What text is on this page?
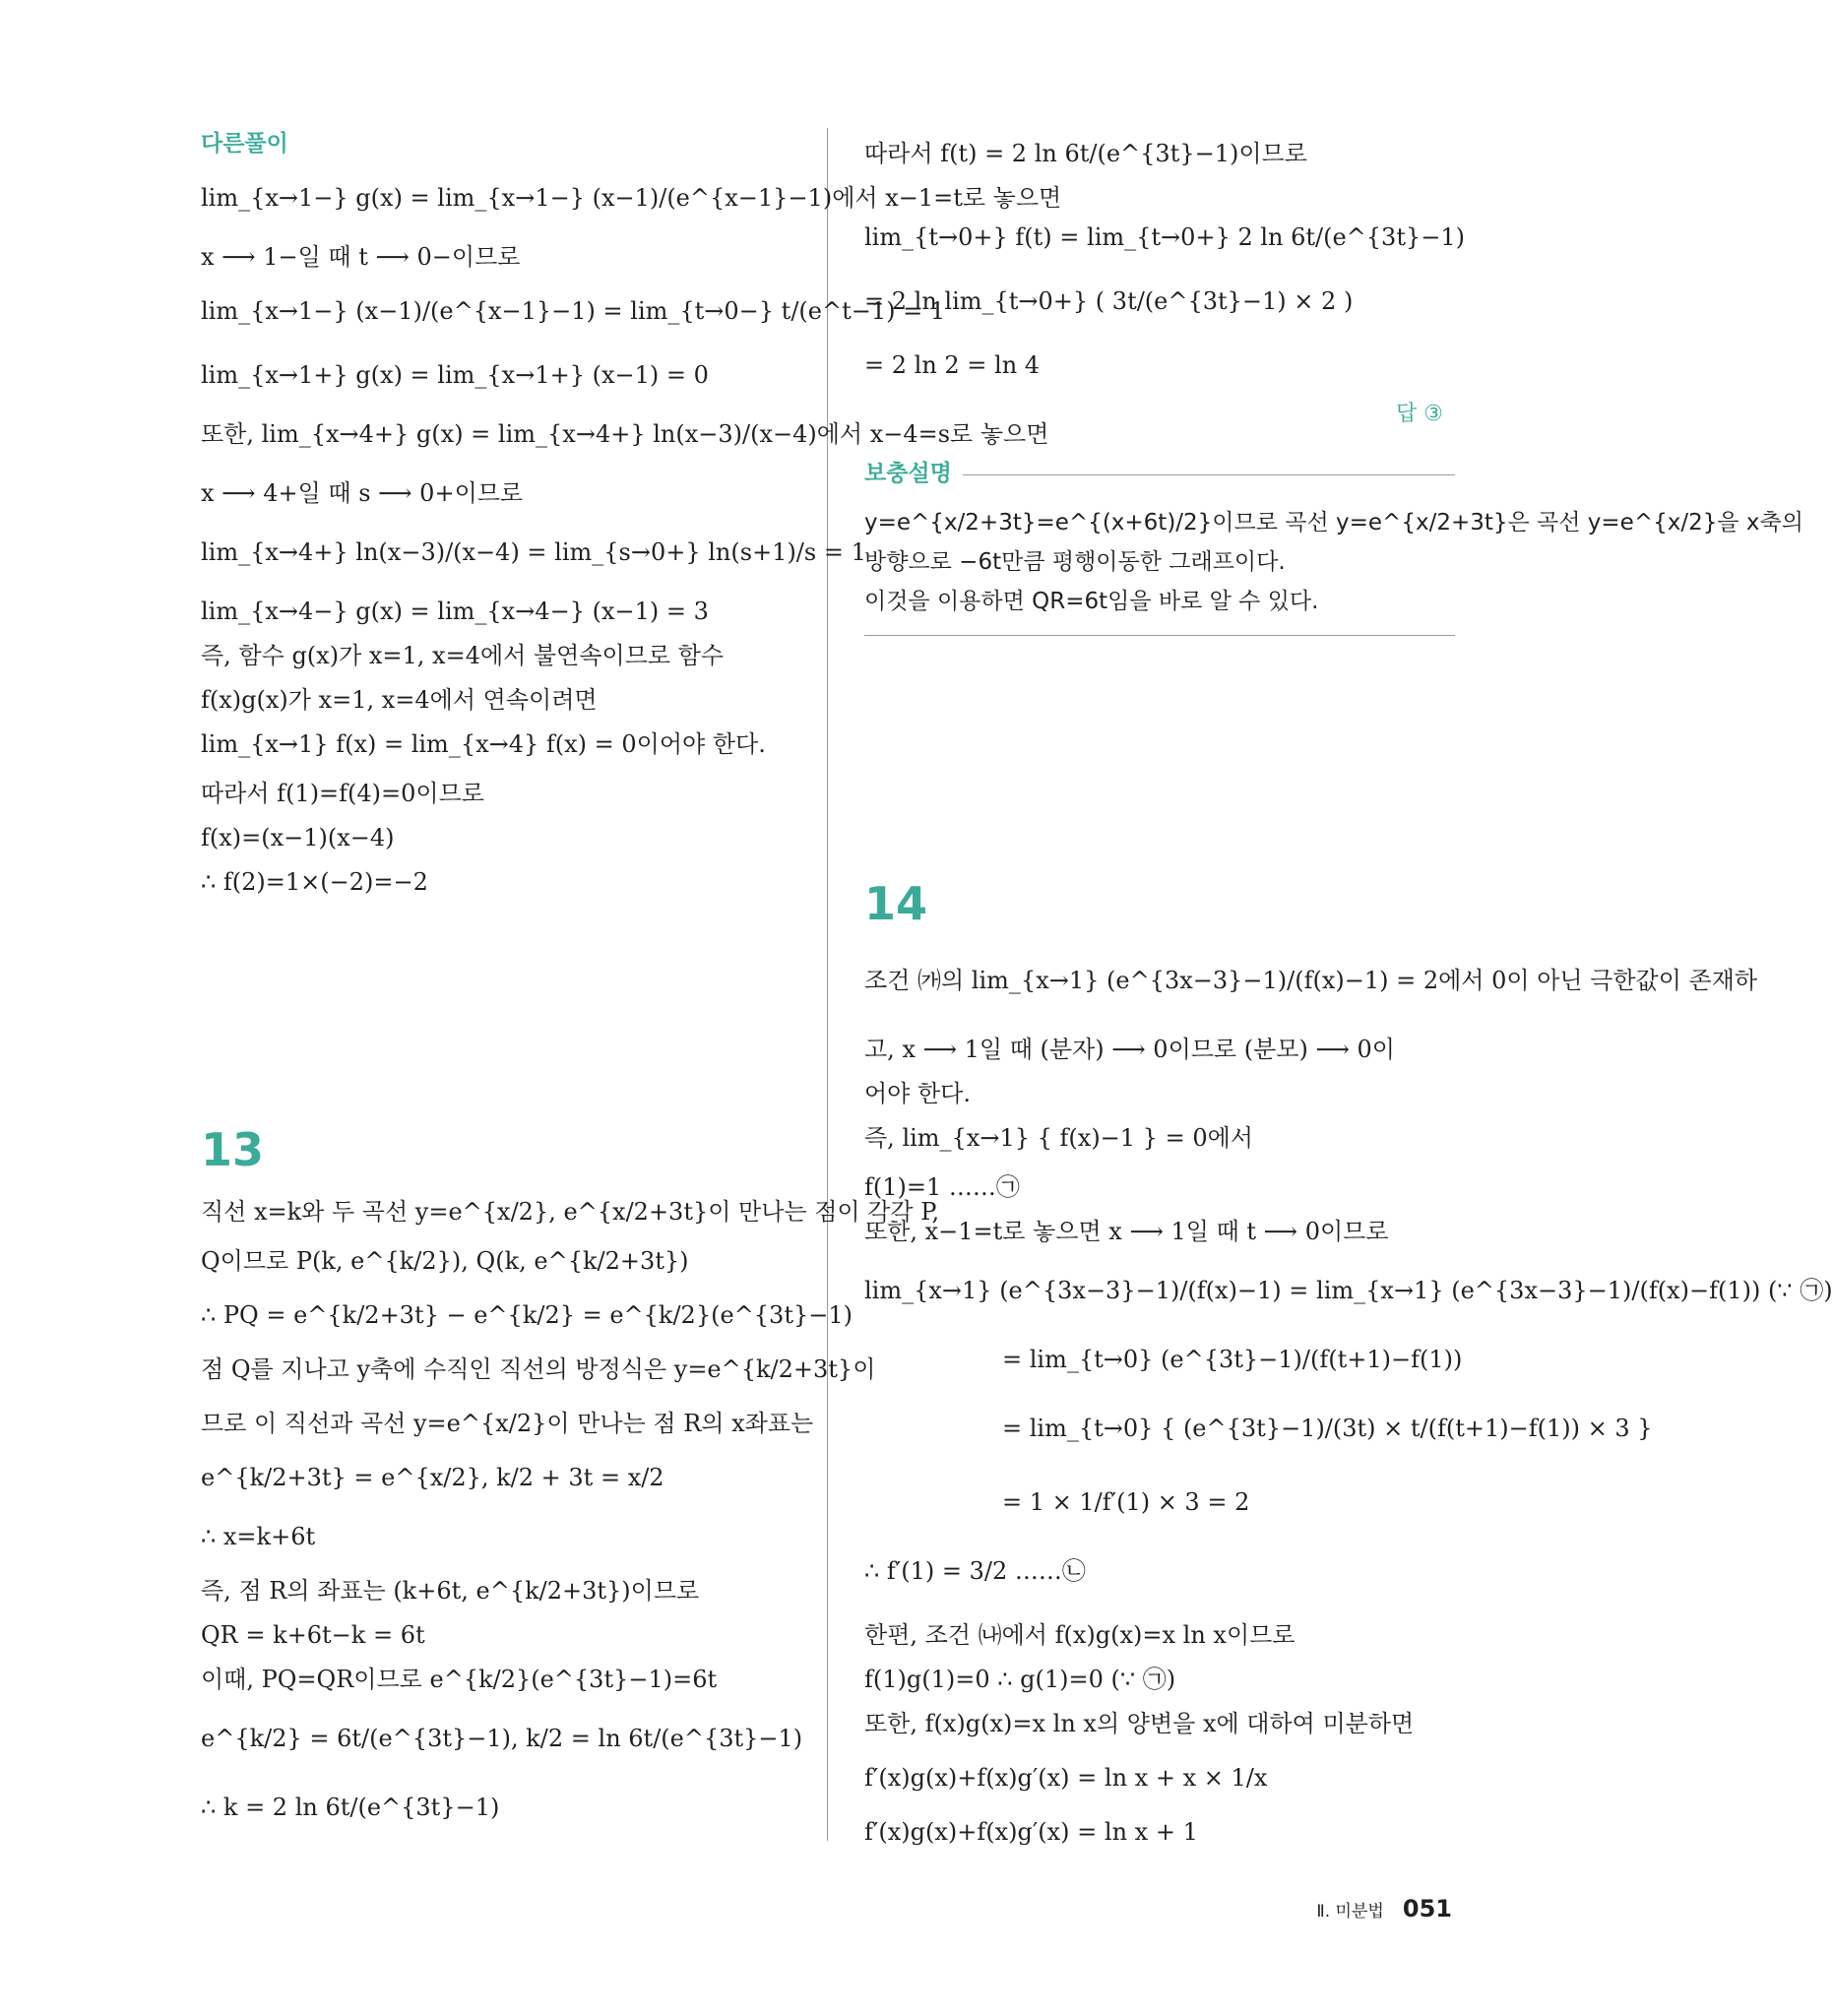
다른풀이
lim_{x→1−} g(x) = lim_{x→1−} (x−1)/(e^{x−1}−1)에서 x−1=t로 놓으면
x ⟶ 1−일 때 t ⟶ 0−이므로
lim_{x→1−} (x−1)/(e^{x−1}−1) = lim_{t→0−} t/(e^t−1) = 1
lim_{x→1+} g(x) = lim_{x→1+} (x−1) = 0
또한, lim_{x→4+} g(x) = lim_{x→4+} ln(x−3)/(x−4)에서 x−4=s로 놓으면
x ⟶ 4+일 때 s ⟶ 0+이므로
lim_{x→4+} ln(x−3)/(x−4) = lim_{s→0+} ln(s+1)/s = 1
lim_{x→4−} g(x) = lim_{x→4−} (x−1) = 3
즉, 함수 g(x)가 x=1, x=4에서 불연속이므로 함수
f(x)g(x)가 x=1, x=4에서 연속이려면
lim_{x→1} f(x) = lim_{x→4} f(x) = 0이어야 한다.
따라서 f(1)=f(4)=0이므로
f(x)=(x−1)(x−4)
∴ f(2)=1×(−2)=−2
13
직선 x=k와 두 곡선 y=e^{x/2}, e^{x/2+3t}이 만나는 점이 각각 P,
Q이므로 P(k, e^{k/2}), Q(k, e^{k/2+3t})
∴ PQ = e^{k/2+3t} − e^{k/2} = e^{k/2}(e^{3t}−1)
점 Q를 지나고 y축에 수직인 직선의 방정식은 y=e^{k/2+3t}이
므로 이 직선과 곡선 y=e^{x/2}이 만나는 점 R의 x좌표는
e^{k/2+3t} = e^{x/2}, k/2 + 3t = x/2
∴ x=k+6t
즉, 점 R의 좌표는 (k+6t, e^{k/2+3t})이므로
QR = k+6t−k = 6t
이때, PQ=QR이므로 e^{k/2}(e^{3t}−1)=6t
e^{k/2} = 6t/(e^{3t}−1), k/2 = ln 6t/(e^{3t}−1)
∴ k = 2 ln 6t/(e^{3t}−1)
따라서 f(t) = 2 ln 6t/(e^{3t}−1)이므로
lim_{t→0+} f(t) = lim_{t→0+} 2 ln 6t/(e^{3t}−1)
= 2 ln lim_{t→0+} ( 3t/(e^{3t}−1) × 2 )
= 2 ln 2 = ln 4
답 ③
보충설명
y=e^{x/2+3t}=e^{(x+6t)/2}이므로 곡선 y=e^{x/2+3t}은 곡선 y=e^{x/2}을 x축의
방향으로 −6t만큼 평행이동한 그래프이다.
이것을 이용하면 QR=6t임을 바로 알 수 있다.
14
조건 ㈎의 lim_{x→1} (e^{3x−3}−1)/(f(x)−1) = 2에서 0이 아닌 극한값이 존재하
고, x ⟶ 1일 때 (분자) ⟶ 0이므로 (분모) ⟶ 0이
어야 한다.
즉, lim_{x→1} { f(x)−1 } = 0에서
f(1)=1 ……㉠
또한, x−1=t로 놓으면 x ⟶ 1일 때 t ⟶ 0이므로
lim_{x→1} (e^{3x−3}−1)/(f(x)−1) = lim_{x→1} (e^{3x−3}−1)/(f(x)−f(1)) (∵ ㉠)
= lim_{t→0} (e^{3t}−1)/(f(t+1)−f(1))
= lim_{t→0} { (e^{3t}−1)/(3t) × t/(f(t+1)−f(1)) × 3 }
= 1 × 1/f′(1) × 3 = 2
∴ f′(1) = 3/2 ……㉡
한편, 조건 ㈏에서 f(x)g(x)=x ln x이므로
f(1)g(1)=0 ∴ g(1)=0 (∵ ㉠)
또한, f(x)g(x)=x ln x의 양변을 x에 대하여 미분하면
f′(x)g(x)+f(x)g′(x) = ln x + x × 1/x
f′(x)g(x)+f(x)g′(x) = ln x + 1
Ⅱ. 미분법 051
